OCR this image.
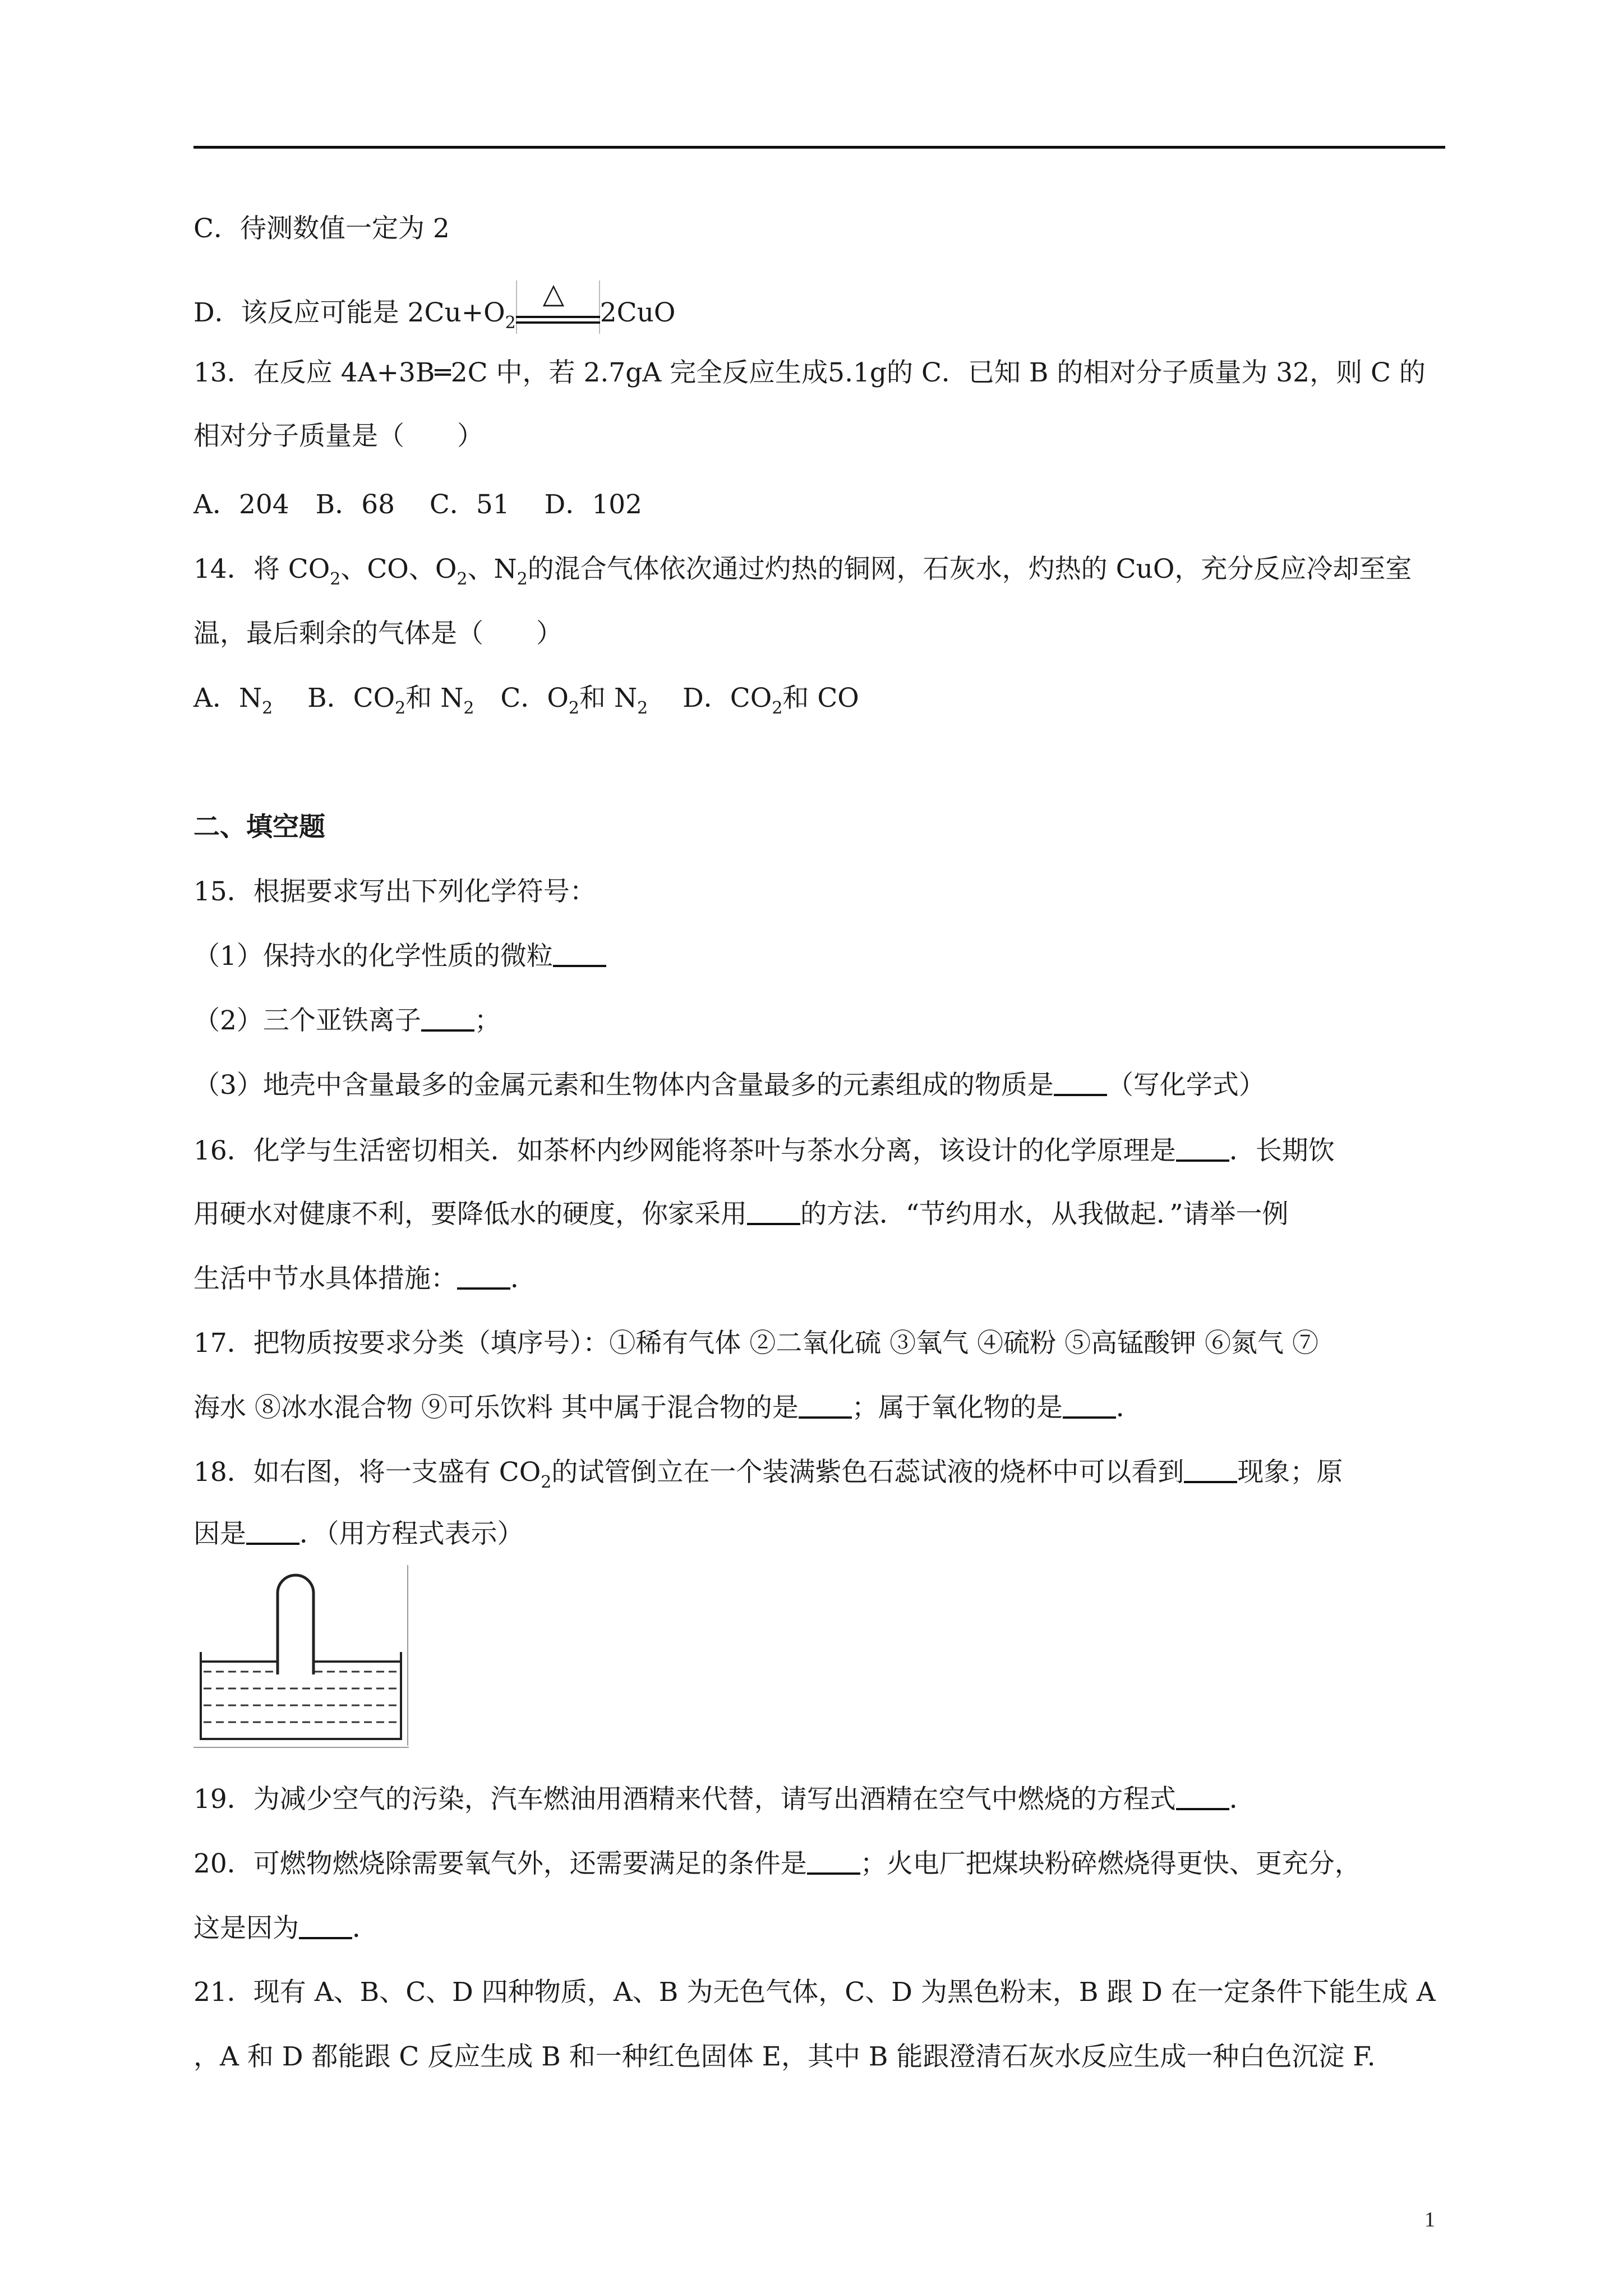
C．待测数值一定为 2
D．该反应可能是 $2Cu+O_2$
△
2CuO
13．在反应 4A+3B═2C 中，若 2.7gA 完全反应生成5.1g的 C．已知 B 的相对分子质量为 32，则 C 的
相对分子质量是（　　）
A．204　B．68　 C．51　 D．102
14．将 $CO_2$、CO、$O_2$、$N_2$的混合气体依次通过灼热的铜网，石灰水，灼热的 CuO，充分反应冷却至室
温，最后剩余的气体是（　　）
A．$N_2$　 B．$CO_2$和 $N_2$　C．$O_2$和 $N_2$　 D．$CO_2$和 CO
二、填空题
15．根据要求写出下列化学符号：
（1）保持水的化学性质的微粒
（2）三个亚铁离子 ；
（3）地壳中含量最多的金属元素和生物体内含量最多的元素组成的物质是 （写化学式）
16．化学与生活密切相关．如茶杯内纱网能将茶叶与茶水分离，该设计的化学原理是 ．长期饮
用硬水对健康不利，要降低水的硬度，你家采用 的方法．“节约用水，从我做起．”请举一例
生活中节水具体措施： ．
17．把物质按要求分类（填序号）：①稀有气体 ②二氧化硫 ③氧气 ④硫粉 ⑤高锰酸钾 ⑥氮气 ⑦
海水 ⑧冰水混合物 ⑨可乐饮料 其中属于混合物的是 ；属于氧化物的是 ．
18．如右图，将一支盛有 $CO_2$的试管倒立在一个装满紫色石蕊试液的烧杯中可以看到 现象；原
因是 ．（用方程式表示）
19．为减少空气的污染，汽车燃油用酒精来代替，请写出酒精在空气中燃烧的方程式 ．
20．可燃物燃烧除需要氧气外，还需要满足的条件是 ；火电厂把煤块粉碎燃烧得更快、更充分，
这是因为 ．
21．现有 A、B、C、D 四种物质，A、B 为无色气体，C、D 为黑色粉末，B 跟 D 在一定条件下能生成 A
，A 和 D 都能跟 C 反应生成 B 和一种红色固体 E，其中 B 能跟澄清石灰水反应生成一种白色沉淀 F.
1
